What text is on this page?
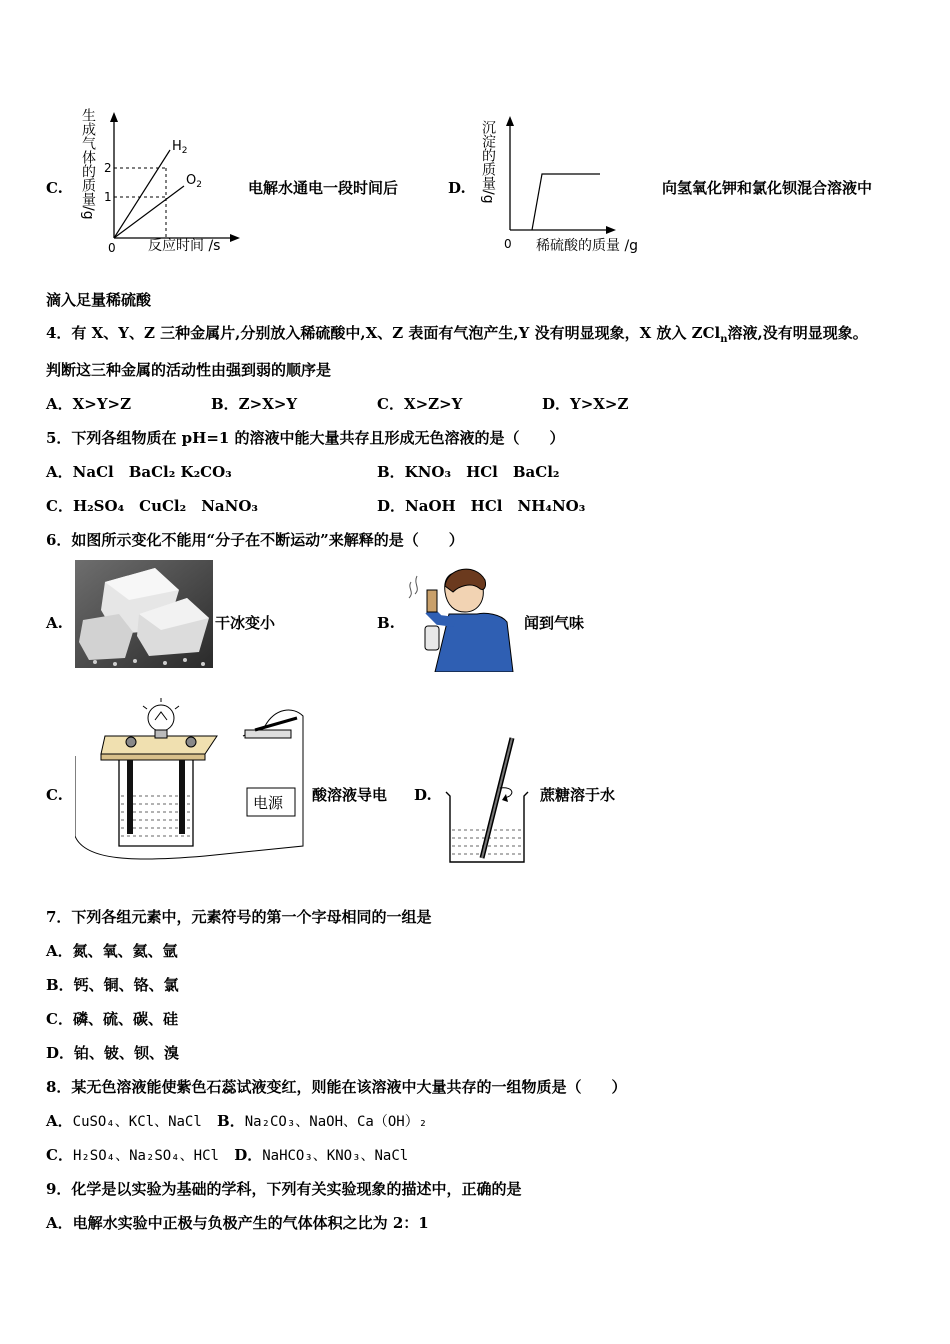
C.
2
1
0 反应时间 /s
$H_2$
$O_2$
生成气体的质量/g	电解水通电一段时间后	D.
0 稀硫酸的质量 /g
沉淀的质量/g	向氢氧化钾和氯化钡混合溶液中
滴入足量稀硫酸
4．有 X、Y、Z 三种金属片,分别放入稀硫酸中,X、Z 表面有气泡产生,Y 没有明显现象，X 放入 ZCl$_n$溶液,没有明显现象。
判断这三种金属的活动性由强到弱的顺序是
A．X>Y>Z	B．Z>X>Y	C．X>Z>Y	D．Y>X>Z
5．下列各组物质在 pH=1 的溶液中能大量共存且形成无色溶液的是（　　）
A．NaCl　BaCl₂ K₂CO₃	B．KNO₃　HCl　BaCl₂
C．H₂SO₄　CuCl₂　NaNO₃	D．NaOH　HCl　NH₄NO₃
6．如图所示变化不能用“分子在不断运动”来解释的是（　　）
A.	干冰变小	B.	闻到气味
C.	电源 酸溶液导电 D.	蔗糖溶于水
7．下列各组元素中，元素符号的第一个字母相同的一组是
A．氮、氧、氦、氩
B．钙、铜、铬、氯
C．磷、硫、碳、硅
D．铂、铍、钡、溴
8．某无色溶液能使紫色石蕊试液变红，则能在该溶液中大量共存的一组物质是（　　）
A．CuSO₄、KCl、NaCl B．Na₂CO₃、NaOH、Ca（OH）₂
C．H₂SO₄、Na₂SO₄、HCl D．NaHCO₃、KNO₃、NaCl
9．化学是以实验为基础的学科，下列有关实验现象的描述中，正确的是
A．电解水实验中正极与负极产生的气体体积之比为 2：1
